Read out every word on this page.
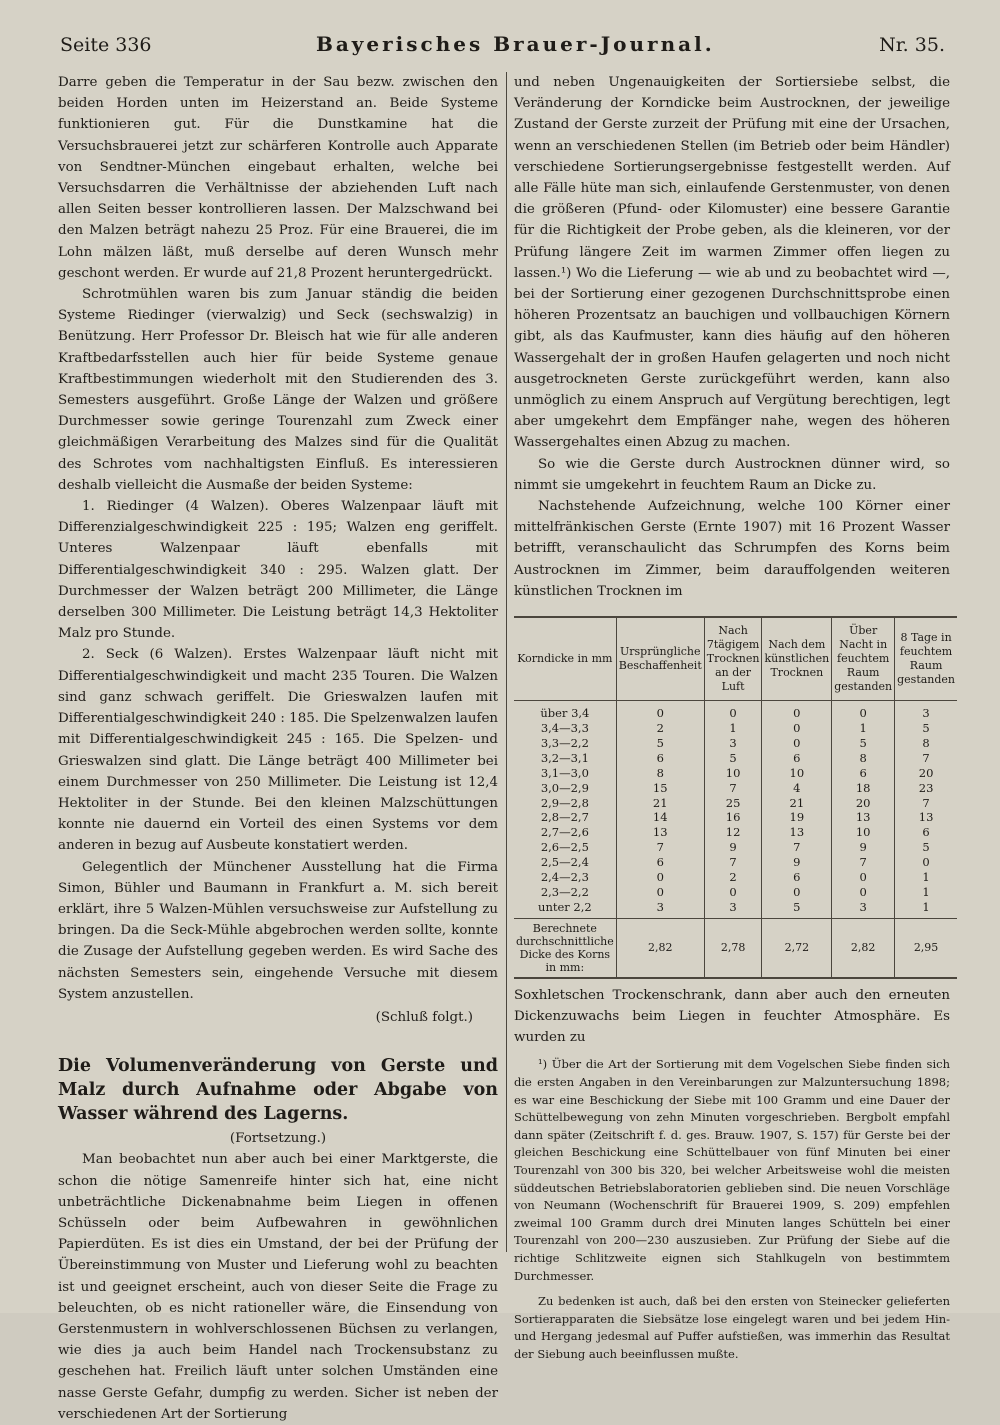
Seite 336	Bayerisches Brauer-Journal.	Nr. 35.

Darre geben die Temperatur in der Sau bezw. zwischen den beiden Horden unten im Heizerstand an. Beide Systeme funktionieren gut. Für die Dunstkamine hat die Versuchsbrauerei jetzt zur schärferen Kontrolle auch Apparate von Sendtner-München eingebaut erhalten, welche bei Versuchsdarren die Verhältnisse der abziehenden Luft nach allen Seiten besser kontrollieren lassen. Der Malzschwand bei den Malzen beträgt nahezu 25 Proz. Für eine Brauerei, die im Lohn mälzen läßt, muß derselbe auf deren Wunsch mehr geschont werden. Er wurde auf 21,8 Prozent heruntergedrückt.

Schrotmühlen waren bis zum Januar ständig die beiden Systeme Riedinger (vierwalzig) und Seck (sechswalzig) in Benützung. Herr Professor Dr. Bleisch hat wie für alle anderen Kraftbedarfsstellen auch hier für beide Systeme genaue Kraftbestimmungen wiederholt mit den Studierenden des 3. Semesters ausgeführt. Große Länge der Walzen und größere Durchmesser sowie geringe Tourenzahl zum Zweck einer gleichmäßigen Verarbeitung des Malzes sind für die Qualität des Schrotes vom nachhaltigsten Einfluß. Es interessieren deshalb vielleicht die Ausmaße der beiden Systeme:

1. Riedinger (4 Walzen). Oberes Walzenpaar läuft mit Differenzialgeschwindigkeit 225 : 195; Walzen eng geriffelt. Unteres Walzenpaar läuft ebenfalls mit Differentialgeschwindigkeit 340 : 295. Walzen glatt. Der Durchmesser der Walzen beträgt 200 Millimeter, die Länge derselben 300 Millimeter. Die Leistung beträgt 14,3 Hektoliter Malz pro Stunde.

2. Seck (6 Walzen). Erstes Walzenpaar läuft nicht mit Differentialgeschwindigkeit und macht 235 Touren. Die Walzen sind ganz schwach geriffelt. Die Grieswalzen laufen mit Differentialgeschwindigkeit 240 : 185. Die Spelzenwalzen laufen mit Differentialgeschwindigkeit 245 : 165. Die Spelzen- und Grieswalzen sind glatt. Die Länge beträgt 400 Millimeter bei einem Durchmesser von 250 Millimeter. Die Leistung ist 12,4 Hektoliter in der Stunde. Bei den kleinen Malzschüttungen konnte nie dauernd ein Vorteil des einen Systems vor dem anderen in bezug auf Ausbeute konstatiert werden.

Gelegentlich der Münchener Ausstellung hat die Firma Simon, Bühler und Baumann in Frankfurt a. M. sich bereit erklärt, ihre 5 Walzen-Mühlen versuchsweise zur Aufstellung zu bringen. Da die Seck-Mühle abgebrochen werden sollte, konnte die Zusage der Aufstellung gegeben werden. Es wird Sache des nächsten Semesters sein, eingehende Versuche mit diesem System anzustellen.

(Schluß folgt.)

Die Volumenveränderung von Gerste und Malz durch Aufnahme oder Abgabe von Wasser während des Lagerns.

(Fortsetzung.)

Man beobachtet nun aber auch bei einer Marktgerste, die schon die nötige Samenreife hinter sich hat, eine nicht unbeträchtliche Dickenabnahme beim Liegen in offenen Schüsseln oder beim Aufbewahren in gewöhnlichen Papierdüten. Es ist dies ein Umstand, der bei der Prüfung der Übereinstimmung von Muster und Lieferung wohl zu beachten ist und geeignet erscheint, auch von dieser Seite die Frage zu beleuchten, ob es nicht rationeller wäre, die Einsendung von Gerstenmustern in wohlverschlossenen Büchsen zu verlangen, wie dies ja auch beim Handel nach Trockensubstanz zu geschehen hat. Freilich läuft unter solchen Umständen eine nasse Gerste Gefahr, dumpfig zu werden. Sicher ist neben der verschiedenen Art der Sortierung

und neben Ungenauigkeiten der Sortiersiebe selbst, die Veränderung der Korndicke beim Austrocknen, der jeweilige Zustand der Gerste zurzeit der Prüfung mit eine der Ursachen, wenn an verschiedenen Stellen (im Betrieb oder beim Händler) verschiedene Sortierungsergebnisse festgestellt werden. Auf alle Fälle hüte man sich, einlaufende Gerstenmuster, von denen die größeren (Pfund- oder Kilomuster) eine bessere Garantie für die Richtigkeit der Probe geben, als die kleineren, vor der Prüfung längere Zeit im warmen Zimmer offen liegen zu lassen.¹) Wo die Lieferung — wie ab und zu beobachtet wird —, bei der Sortierung einer gezogenen Durchschnittsprobe einen höheren Prozentsatz an bauchigen und vollbauchigen Körnern gibt, als das Kaufmuster, kann dies häufig auf den höheren Wassergehalt der in großen Haufen gelagerten und noch nicht ausgetrockneten Gerste zurückgeführt werden, kann also unmöglich zu einem Anspruch auf Vergütung berechtigen, legt aber umgekehrt dem Empfänger nahe, wegen des höheren Wassergehaltes einen Abzug zu machen.

So wie die Gerste durch Austrocknen dünner wird, so nimmt sie umgekehrt in feuchtem Raum an Dicke zu.

Nachstehende Aufzeichnung, welche 100 Körner einer mittelfränkischen Gerste (Ernte 1907) mit 16 Prozent Wasser betrifft, veranschaulicht das Schrumpfen des Korns beim Austrocknen im Zimmer, beim darauffolgenden weiteren künstlichen Trocknen im

Korndicke in mm	Ursprüngliche Beschaffenheit	Nach 7tägigem Trocknen an der Luft	Nach dem künstlichen Trocknen	Über Nacht in feuchtem Raum gestanden	8 Tage in feuchtem Raum gestanden
über 3,4	0	0	0	0	3
3,4—3,3	2	1	0	1	5
3,3—2,2	5	3	0	5	8
3,2—3,1	6	5	6	8	7
3,1—3,0	8	10	10	6	20
3,0—2,9	15	7	4	18	23
2,9—2,8	21	25	21	20	7
2,8—2,7	14	16	19	13	13
2,7—2,6	13	12	13	10	6
2,6—2,5	7	9	7	9	5
2,5—2,4	6	7	9	7	0
2,4—2,3	0	2	6	0	1
2,3—2,2	0	0	0	0	1
unter 2,2	3	3	5	3	1
Berechnete durchschnittliche Dicke des Korns in mm:	2,82	2,78	2,72	2,82	2,95

Soxhletschen Trockenschrank, dann aber auch den erneuten Dickenzuwachs beim Liegen in feuchter Atmosphäre. Es wurden zu

¹) Über die Art der Sortierung mit dem Vogelschen Siebe finden sich die ersten Angaben in den Vereinbarungen zur Malzuntersuchung 1898; es war eine Beschickung der Siebe mit 100 Gramm und eine Dauer der Schüttelbewegung von zehn Minuten vorgeschrieben. Bergbolt empfahl dann später (Zeitschrift f. d. ges. Brauw. 1907, S. 157) für Gerste bei der gleichen Beschickung eine Schüttelbauer von fünf Minuten bei einer Tourenzahl von 300 bis 320, bei welcher Arbeitsweise wohl die meisten süddeutschen Betriebslaboratorien geblieben sind. Die neuen Vorschläge von Neumann (Wochenschrift für Brauerei 1909, S. 209) empfehlen zweimal 100 Gramm durch drei Minuten langes Schütteln bei einer Tourenzahl von 200—230 auszusieben. Zur Prüfung der Siebe auf die richtige Schlitzweite eignen sich Stahlkugeln von bestimmtem Durchmesser.

Zu bedenken ist auch, daß bei den ersten von Steinecker gelieferten Sortierapparaten die Siebsätze lose eingelegt waren und bei jedem Hin- und Hergang jedesmal auf Puffer aufstießen, was immerhin das Resultat der Siebung auch beeinflussen mußte.
